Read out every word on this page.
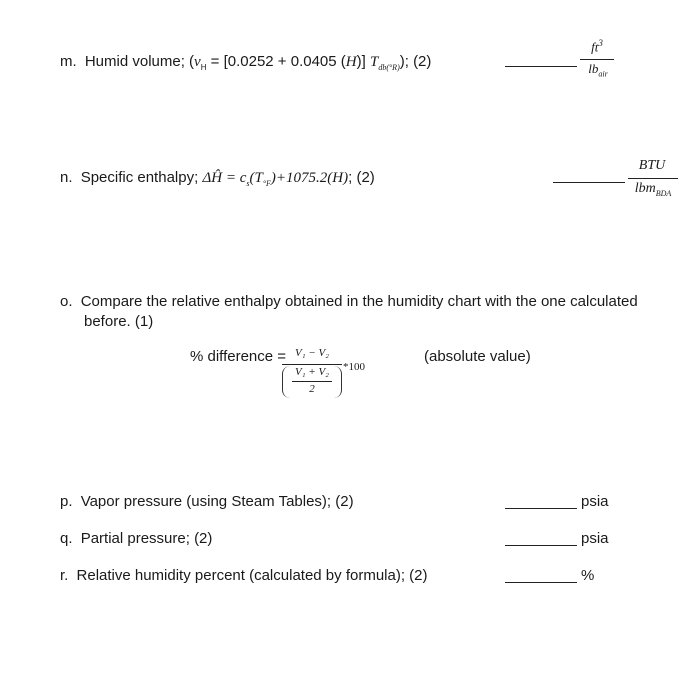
m. Humid volume; ($v_H = [0.0252 + 0.0405$ (H)] $T_{db(^\circ R)}$); (2)
$ft^3$
$lb_{air}$
n. Specific enthalpy; ΔĤ = $c_s(T_{^\circ F})+1075.2(H)$; (2)
BTU
lbm$_{BDA}$
o. Compare the relative enthalpy obtained in the humidity chart with the one calculated
before. (1)
% difference = V₁ − V₂
V₁ + V₂
2
*100
(absolute value)
p. Vapor pressure (using Steam Tables); (2)	psia
q. Partial pressure; (2)	psia
r. Relative humidity percent (calculated by formula); (2)	%
